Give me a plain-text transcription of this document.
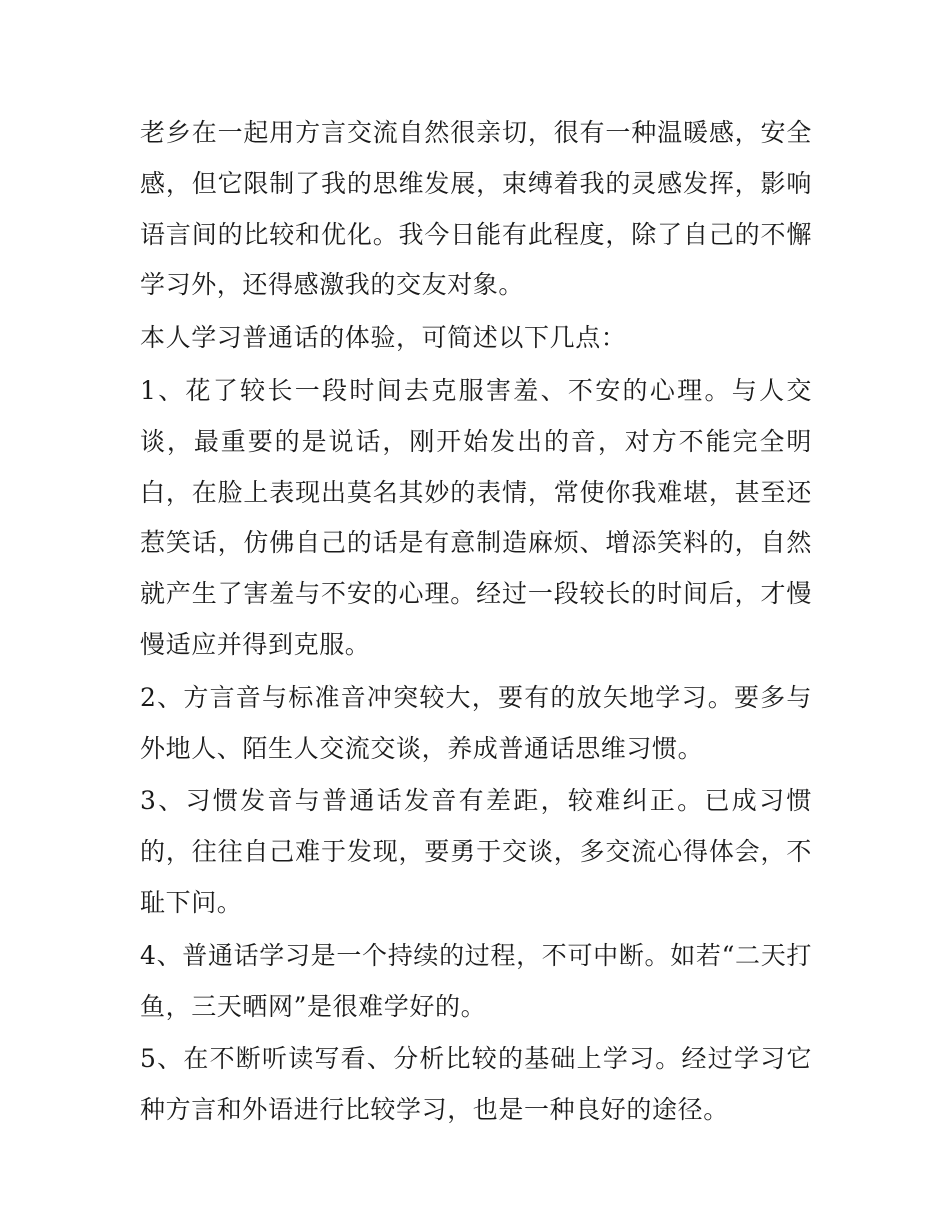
老乡在一起用方言交流自然很亲切，很有一种温暖感，安全感，但它限制了我的思维发展，束缚着我的灵感发挥，影响语言间的比较和优化。我今日能有此程度，除了自己的不懈学习外，还得感激我的交友对象。

本人学习普通话的体验，可简述以下几点：

1、花了较长一段时间去克服害羞、不安的心理。与人交谈，最重要的是说话，刚开始发出的音，对方不能完全明白，在脸上表现出莫名其妙的表情，常使你我难堪，甚至还惹笑话，仿佛自己的话是有意制造麻烦、增添笑料的，自然就产生了害羞与不安的心理。经过一段较长的时间后，才慢慢适应并得到克服。

2、方言音与标准音冲突较大，要有的放矢地学习。要多与外地人、陌生人交流交谈，养成普通话思维习惯。

3、习惯发音与普通话发音有差距，较难纠正。已成习惯的，往往自己难于发现，要勇于交谈，多交流心得体会，不耻下问。

4、普通话学习是一个持续的过程，不可中断。如若“二天打鱼，三天晒网”是很难学好的。

5、在不断听读写看、分析比较的基础上学习。经过学习它种方言和外语进行比较学习，也是一种良好的途径。
